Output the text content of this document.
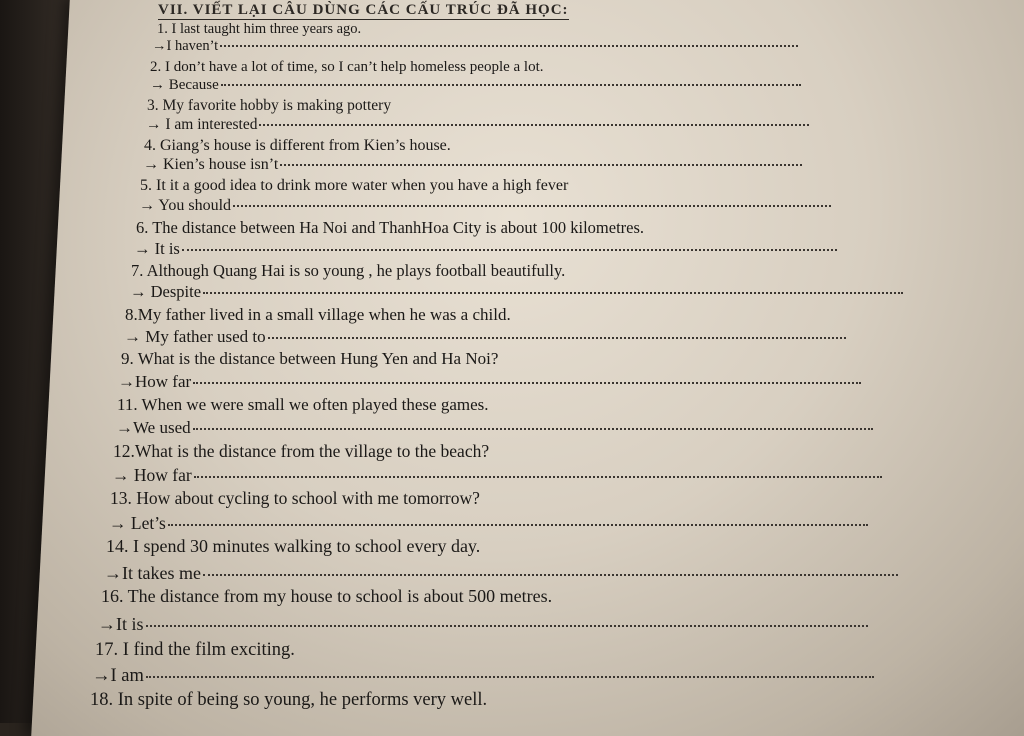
VII. VIẾT LẠI CÂU DÙNG CÁC CẤU TRÚC ĐÃ HỌC:
1. I last taught him three years ago.
→I haven’t
2. I don’t have a lot of time, so I can’t help homeless people a lot.
→ Because
3. My favorite hobby is making pottery
→ I am interested
4. Giang’s house is different from Kien’s house.
→ Kien’s house isn’t
5. It it a good idea to drink more water when you have a high fever
→ You should
6. The distance between Ha Noi and ThanhHoa City is about 100 kilometres.
→ It is
7. Although Quang Hai is so young , he plays football beautifully.
→ Despite
8.My father lived in a small village when he was a child.
→ My father used to
9. What is the distance between Hung Yen and Ha Noi?
→How far
11. When we were small we often played these games.
→We used
12.What is the distance from the village to the beach?
→ How far
13. How about cycling to school with me tomorrow?
→ Let’s
14. I spend 30 minutes walking to school every day.
→It takes me
16. The distance from my house to school is about 500 metres.
→It is
17. I find the film exciting.
→I am
18. In spite of being so young, he performs very well.
